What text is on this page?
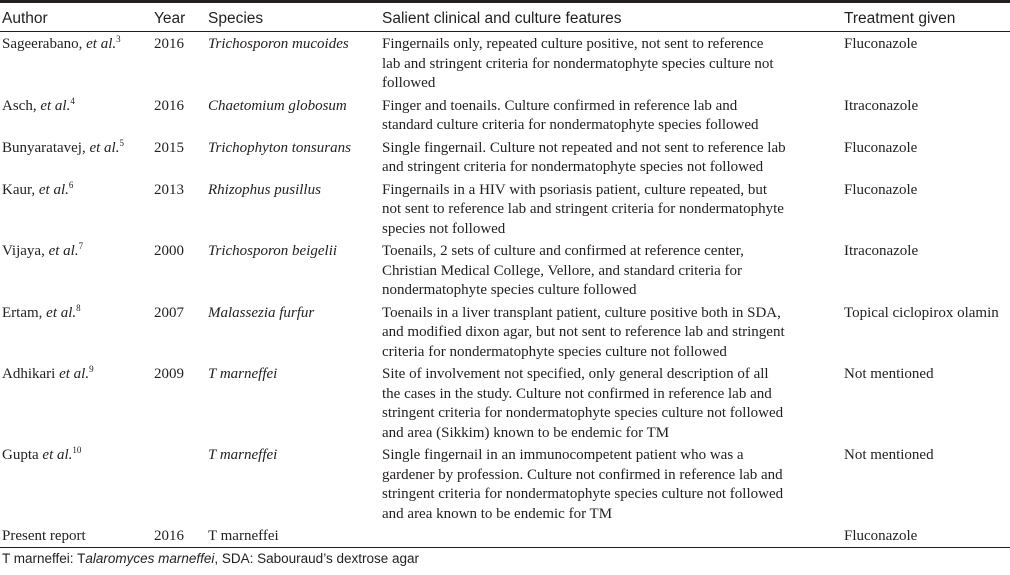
Author	Year	Species	Salient clinical and culture features	Treatment given
Sageerabano, et al.$^3$	2016	Trichosporon mucoides	Fingernails only, repeated culture positive, not sent to reference
lab and stringent criteria for nondermatophyte species culture not
followed	Fluconazole
Asch, et al.$^4$	2016	Chaetomium globosum	Finger and toenails. Culture confirmed in reference lab and
standard culture criteria for nondermatophyte species followed	Itraconazole
Bunyaratavej, et al.$^5$	2015	Trichophyton tonsurans	Single fingernail. Culture not repeated and not sent to reference lab
and stringent criteria for nondermatophyte species not followed	Fluconazole
Kaur, et al.$^6$	2013	Rhizophus pusillus	Fingernails in a HIV with psoriasis patient, culture repeated, but
not sent to reference lab and stringent criteria for nondermatophyte
species not followed	Fluconazole
Vijaya, et al.$^7$	2000	Trichosporon beigelii	Toenails, 2 sets of culture and confirmed at reference center,
Christian Medical College, Vellore, and standard criteria for
nondermatophyte species culture followed	Itraconazole
Ertam, et al.$^8$	2007	Malassezia furfur	Toenails in a liver transplant patient, culture positive both in SDA,
and modified dixon agar, but not sent to reference lab and stringent
criteria for nondermatophyte species culture not followed	Topical ciclopirox olamin
Adhikari et al.$^9$	2009	T marneffei	Site of involvement not specified, only general description of all
the cases in the study. Culture not confirmed in reference lab and
stringent criteria for nondermatophyte species culture not followed
and area (Sikkim) known to be endemic for TM	Not mentioned
Gupta et al.$^{10}$		T marneffei	Single fingernail in an immunocompetent patient who was a
gardener by profession. Culture not confirmed in reference lab and
stringent criteria for nondermatophyte species culture not followed
and area known to be endemic for TM	Not mentioned
Present report	2016	T marneffei		Fluconazole
T marneffei: Talaromyces marneffei, SDA: Sabouraud’s dextrose agar
